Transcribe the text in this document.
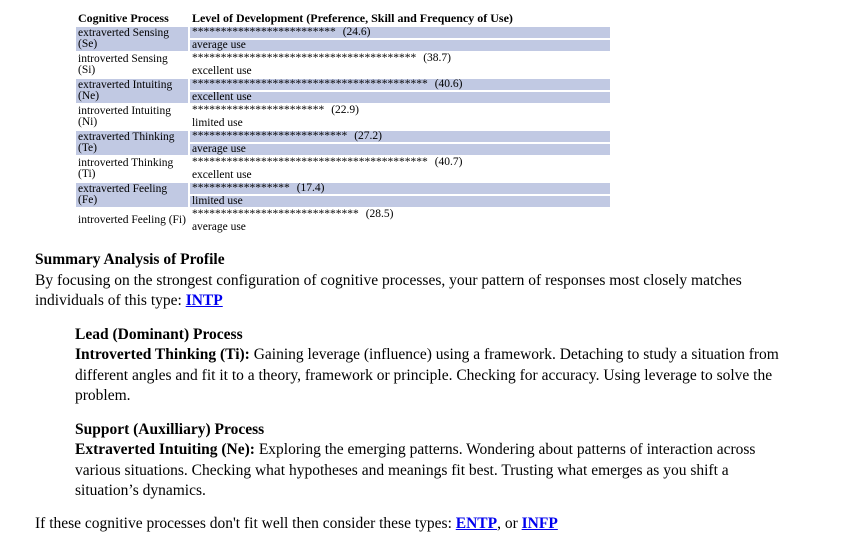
Cognitive Process	Level of Development (Preference, Skill and Frequency of Use)

extraverted Sensing
(Se)	************************* (24.6)
	average use

introverted Sensing
(Si)	*************************************** (38.7)
	excellent use

extraverted Intuiting
(Ne)	***************************************** (40.6)
	excellent use

introverted Intuiting
(Ni)	*********************** (22.9)
	limited use

extraverted Thinking
(Te)	*************************** (27.2)
	average use

introverted Thinking
(Ti)	***************************************** (40.7)
	excellent use

extraverted Feeling
(Fe)	***************** (17.4)
	limited use

introverted Feeling (Fi)	***************************** (28.5)
	average use

Summary Analysis of Profile

By focusing on the strongest configuration of cognitive processes, your pattern of responses most closely matches individuals of this type: INTP

Lead (Dominant) Process
Introverted Thinking (Ti): Gaining leverage (influence) using a framework. Detaching to study a situation from different angles and fit it to a theory, framework or principle. Checking for accuracy. Using leverage to solve the problem.
Support (Auxilliary) Process
Extraverted Intuiting (Ne): Exploring the emerging patterns. Wondering about patterns of interaction across various situations. Checking what hypotheses and meanings fit best. Trusting what emerges as you shift a situation’s dynamics.

If these cognitive processes don't fit well then consider these types: ENTP, or INFP
